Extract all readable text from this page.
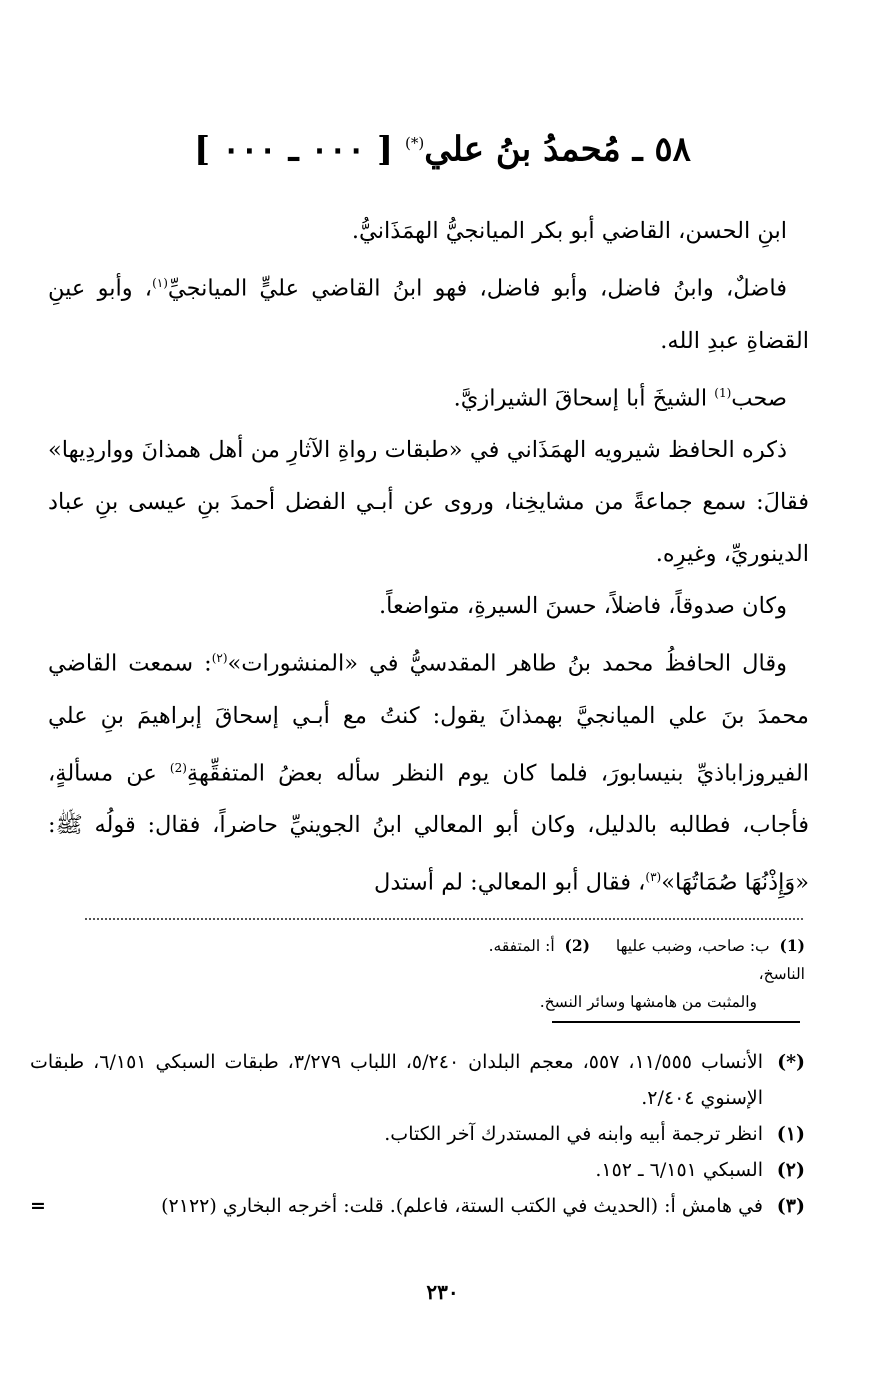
٥٨ ـ مُحمدُ بنُ علي(*) [ ٠٠٠ ـ ٠٠٠ ]

ابنِ الحسن، القاضي أبو بكر الميانجيُّ الهمَذَانيُّ.

فاضلٌ، وابنُ فاضل، وأبو فاضل، فهو ابنُ القاضي عليٍّ الميانجيِّ$^{(١)}$، وأبو عينِ القضاةِ عبدِ الله.

صحب$^{(1)}$ الشيخَ أبا إسحاقَ الشيرازيَّ.

ذكره الحافظ شيرويه الهمَذَاني في «طبقات رواةِ الآثارِ من أهل همذانَ وواردِيها» فقالَ: سمع جماعةً من مشايخِنا، وروى عن أبـي الفضل أحمدَ بنِ عيسى بنِ عباد الدينوريِّ، وغيرِه.

وكان صدوقاً، فاضلاً، حسنَ السيرةِ، متواضعاً.

وقال الحافظُ محمد بنُ طاهر المقدسيُّ في «المنشورات»$^{(٢)}$: سمعت القاضي محمدَ بنَ علي الميانجيَّ بهمذانَ يقول: كنتُ مع أبـي إسحاقَ إبراهيمَ بنِ علي الفيروزاباذيِّ بنيسابورَ، فلما كان يوم النظر سأله بعضُ المتفقِّهةِ$^{(2)}$ عن مسألةٍ، فأجاب، فطالبه بالدليل، وكان أبو المعالي ابنُ الجوينيِّ حاضراً، فقال: قولُه ﷺ: «وَإِذْنُهَا صُمَاتُهَا»$^{(٣)}$، فقال أبو المعالي: لم أستدل

(1)  ب: صاحب، وضبب عليها الناسخ،
(2)  أ: المتفقه.
والمثبت من هامشها وسائر النسخ.
(*)
الأنساب ١١/٥٥٥، ٥٥٧، معجم البلدان ٥/٢٤٠، اللباب ٣/٢٧٩، طبقات السبكي ٦/١٥١، طبقات الإسنوي ٢/٤٠٤.
(١)
انظر ترجمة أبيه وابنه في المستدرك آخر الكتاب.
(٢)
السبكي ٦/١٥١ ـ ١٥٢.
(٣)
في هامش أ: (الحديث في الكتب الستة، فاعلم). قلت: أخرجه البخاري (٢١٢٢)
=
٢٣٠
